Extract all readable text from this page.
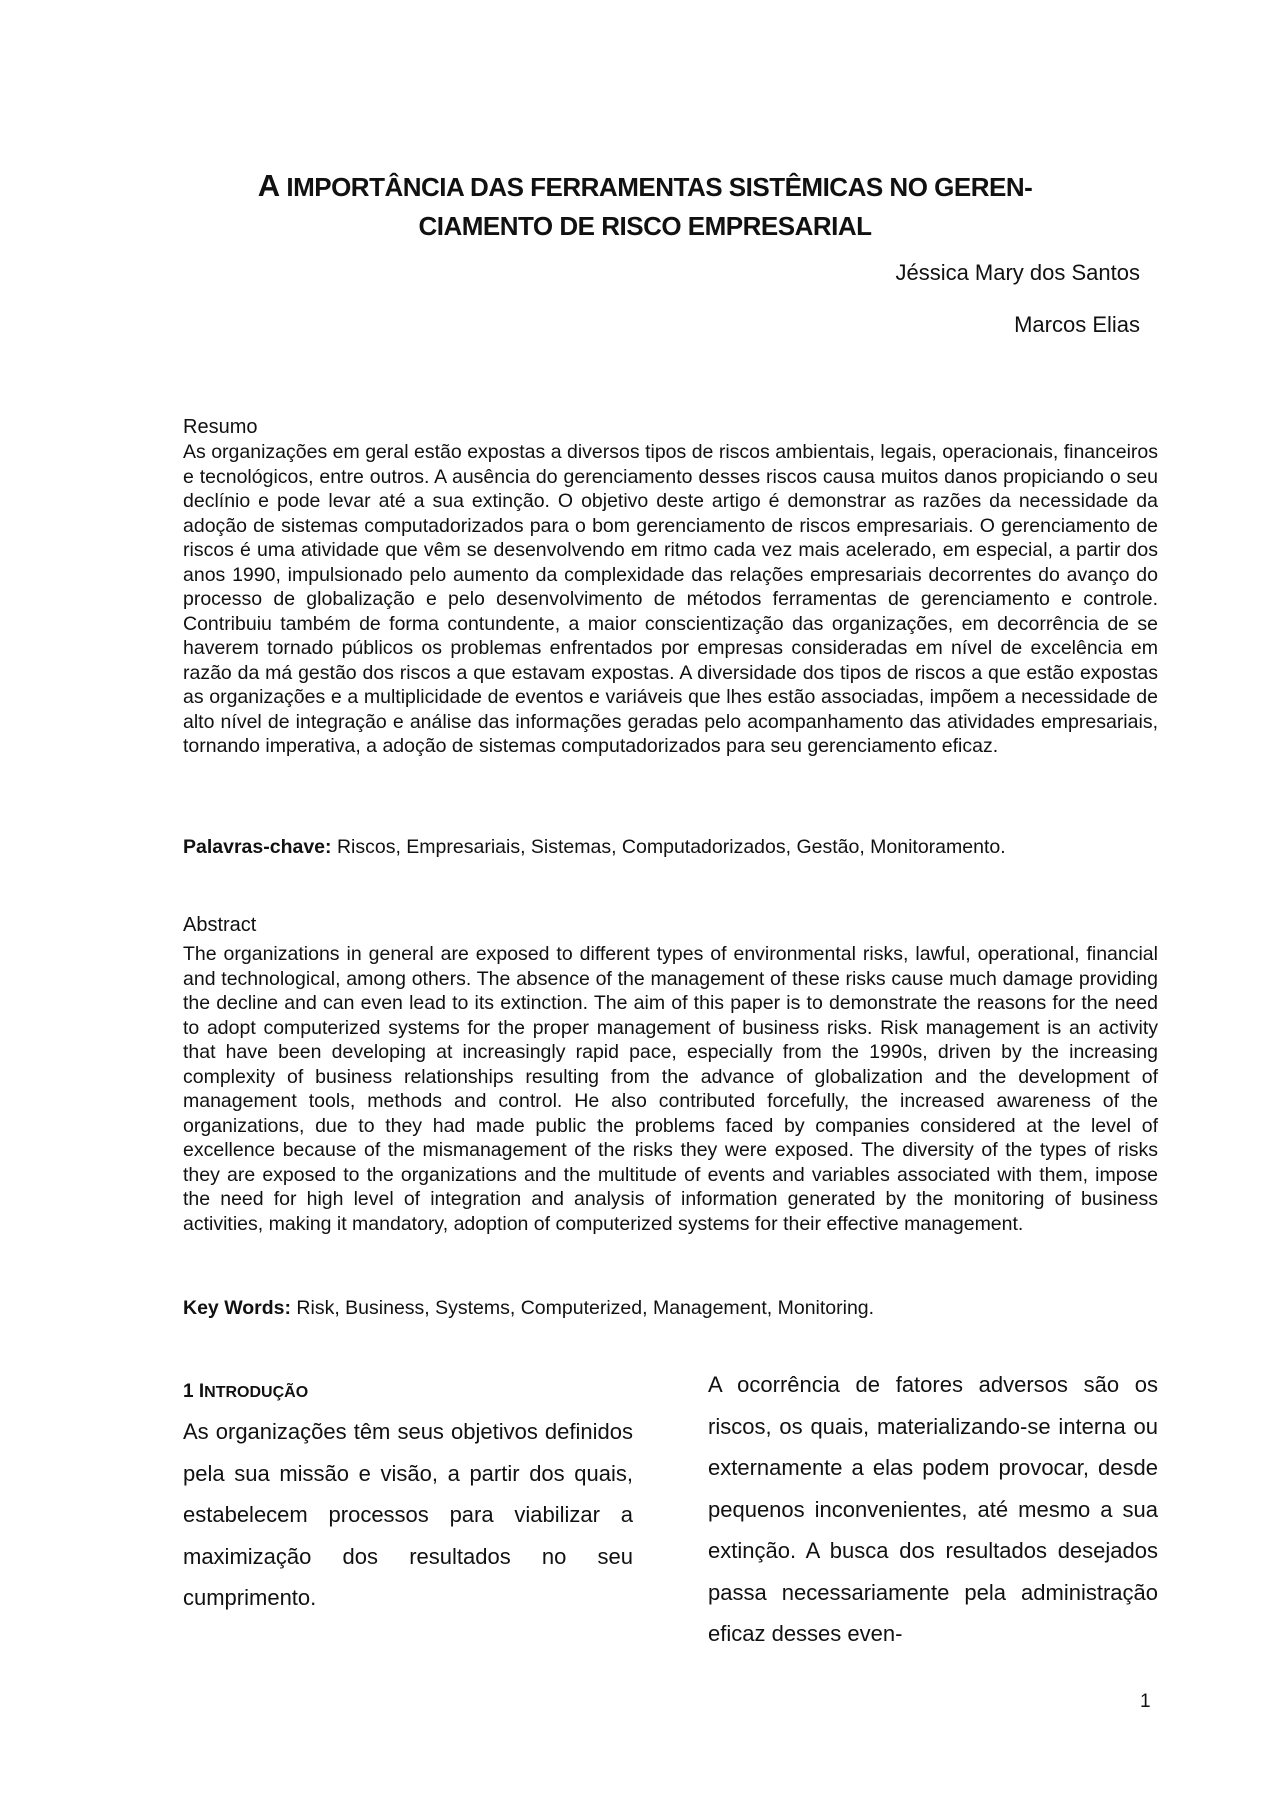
A IMPORTÂNCIA DAS FERRAMENTAS SISTÊMICAS NO GEREN-
CIAMENTO DE RISCO EMPRESARIAL
Jéssica Mary dos Santos
Marcos Elias
Resumo
As organizações em geral estão expostas a diversos tipos de riscos ambientais, legais, operacionais, financeiros e tecnológicos, entre outros. A ausência do gerenciamento desses riscos causa muitos danos propiciando o seu declínio e pode levar até a sua extinção. O objetivo deste artigo é demonstrar as razões da necessidade da adoção de sistemas computadorizados para o bom gerenciamento de riscos empresariais. O gerenciamento de riscos é uma atividade que vêm se desenvolvendo em ritmo cada vez mais acelerado, em especial, a partir dos anos 1990, impulsionado pelo aumento da complexidade das relações empresariais decorrentes do avanço do processo de globalização e pelo desenvolvimento de métodos ferramentas de gerenciamento e controle. Contribuiu também de forma contundente, a maior conscientização das organizações, em decorrência de se haverem tornado públicos os problemas enfrentados por empresas consideradas em nível de excelência em razão da má gestão dos riscos a que estavam expostas. A diversidade dos tipos de riscos a que estão expostas as organizações e a multiplicidade de eventos e variáveis que lhes estão associadas, impõem a necessidade de alto nível de integração e análise das informações geradas pelo acompanhamento das atividades empresariais, tornando imperativa, a adoção de sistemas computadorizados para seu gerenciamento eficaz.
Palavras-chave: Riscos, Empresariais, Sistemas, Computadorizados, Gestão, Monitoramento.
Abstract
The organizations in general are exposed to different types of environmental risks, lawful, operational, financial and technological, among others. The absence of the management of these risks cause much damage providing the decline and can even lead to its extinction. The aim of this paper is to demonstrate the reasons for the need to adopt computerized systems for the proper management of business risks. Risk management is an activity that have been developing at increasingly rapid pace, especially from the 1990s, driven by the increasing complexity of business relationships resulting from the advance of globalization and the development of management tools, methods and control. He also contributed forcefully, the increased awareness of the organizations, due to they had made public the problems faced by companies considered at the level of excellence because of the mismanagement of the risks they were exposed. The diversity of the types of risks they are exposed to the organizations and the multitude of events and variables associated with them, impose the need for high level of integration and analysis of information generated by the monitoring of business activities, making it mandatory, adoption of computerized systems for their effective management.
Key Words: Risk, Business, Systems, Computerized, Management, Monitoring.
1 INTRODUÇÃO
As organizações têm seus objetivos definidos pela sua missão e visão, a partir dos quais, estabelecem processos para viabilizar a maximização dos resultados no seu cumprimento.
A ocorrência de fatores adversos são os riscos, os quais, materializando-se interna ou externamente a elas podem provocar, desde pequenos inconvenientes, até mesmo a sua extinção. A busca dos resultados desejados passa necessariamente pela administração eficaz desses even-
1
